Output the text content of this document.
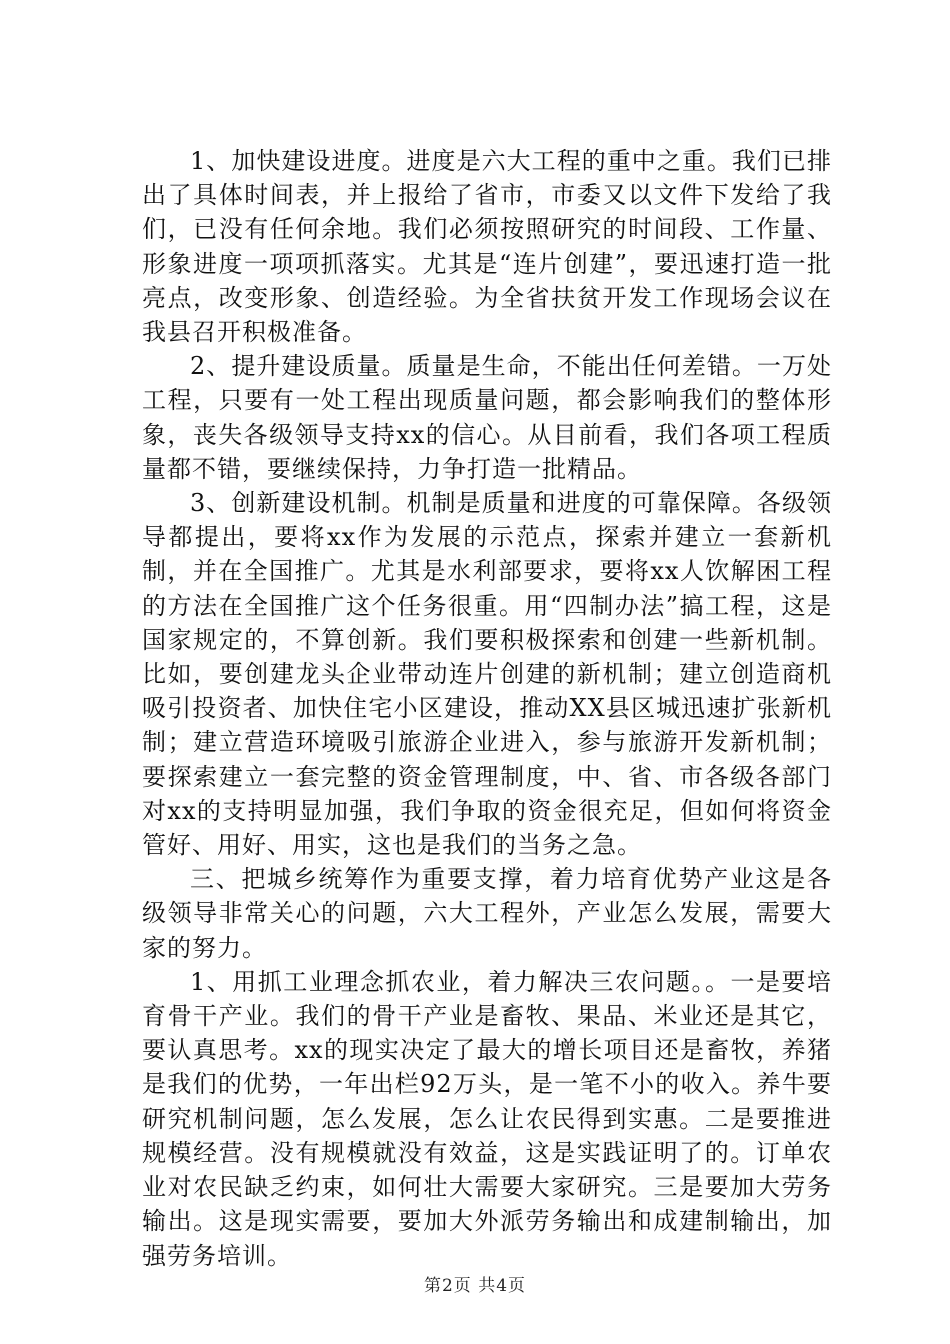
1、加快建设进度。进度是六大工程的重中之重。我们已排出了具体时间表，并上报给了省市，市委又以文件下发给了我们，已没有任何余地。我们必须按照研究的时间段、工作量、形象进度一项项抓落实。尤其是“连片创建”，要迅速打造一批亮点，改变形象、创造经验。为全省扶贫开发工作现场会议在我县召开积极准备。

2、提升建设质量。质量是生命，不能出任何差错。一万处工程，只要有一处工程出现质量问题，都会影响我们的整体形象，丧失各级领导支持xx的信心。从目前看，我们各项工程质量都不错，要继续保持，力争打造一批精品。

3、创新建设机制。机制是质量和进度的可靠保障。各级领导都提出，要将xx作为发展的示范点，探索并建立一套新机制，并在全国推广。尤其是水利部要求，要将xx人饮解困工程的方法在全国推广这个任务很重。用“四制办法”搞工程，这是国家规定的，不算创新。我们要积极探索和创建一些新机制。比如，要创建龙头企业带动连片创建的新机制；建立创造商机吸引投资者、加快住宅小区建设，推动XX县区城迅速扩张新机制；建立营造环境吸引旅游企业进入，参与旅游开发新机制；要探索建立一套完整的资金管理制度，中、省、市各级各部门对xx的支持明显加强，我们争取的资金很充足，但如何将资金管好、用好、用实，这也是我们的当务之急。

三、把城乡统筹作为重要支撑，着力培育优势产业这是各级领导非常关心的问题，六大工程外，产业怎么发展，需要大家的努力。

1、用抓工业理念抓农业，着力解决三农问题。。一是要培育骨干产业。我们的骨干产业是畜牧、果品、米业还是其它，要认真思考。xx的现实决定了最大的增长项目还是畜牧，养猪是我们的优势，一年出栏92万头，是一笔不小的收入。养牛要研究机制问题，怎么发展，怎么让农民得到实惠。二是要推进规模经营。没有规模就没有效益，这是实践证明了的。订单农业对农民缺乏约束，如何壮大需要大家研究。三是要加大劳务输出。这是现实需要，要加大外派劳务输出和成建制输出，加强劳务培训。

第2页 共4页
